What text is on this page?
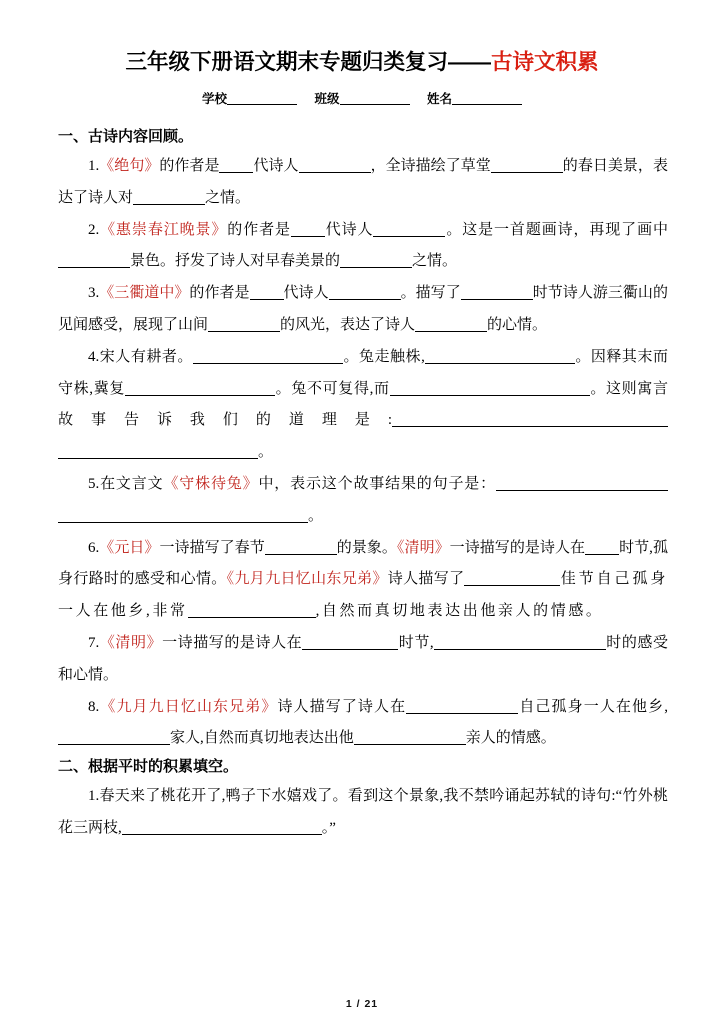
三年级下册语文期末专题归类复习——古诗文积累
学校	班级	姓名
一、古诗内容回顾。

1.《绝句》的作者是 代诗人	，全诗描绘了草堂	的春日美景，表达了诗人对	之情。

2.《惠崇春江晚景》的作者是 代诗人	。这是一首题画诗，再现了画中景色。抒发了诗人对早春美景的	之情。

3.《三衢道中》的作者是 代诗人	。描写了	时节诗人游三衢山的见闻感受，展现了山间	的风光，表达了诗人	的心情。

4.宋人有耕者。	。兔走触株,	。因释其末而守株,冀复	。兔不可复得,而	。这则寓言故事告诉我们的道理是:。

5.在文言文《守株待兔》中，表示这个故事结果的句子是：。

6.《元日》一诗描写了春节	的景象。《清明》一诗描写的是诗人在 时节,孤身行路时的感受和心情。《九月九日忆山东兄弟》诗人描写了	佳节自己孤身一人在他乡,非常	,自然而真切地表达出他亲人的情感。

7.《清明》一诗描写的是诗人在	时节,	时的感受和心情。

8.《九月九日忆山东兄弟》诗人描写了诗人在	自己孤身一人在他乡,家人,自然而真切地表达出他	亲人的情感。

二、根据平时的积累填空。

1.春天来了桃花开了,鸭子下水嬉戏了。看到这个景象,我不禁吟诵起苏轼的诗句:“竹外桃花三两枝,	。”

1 / 21
